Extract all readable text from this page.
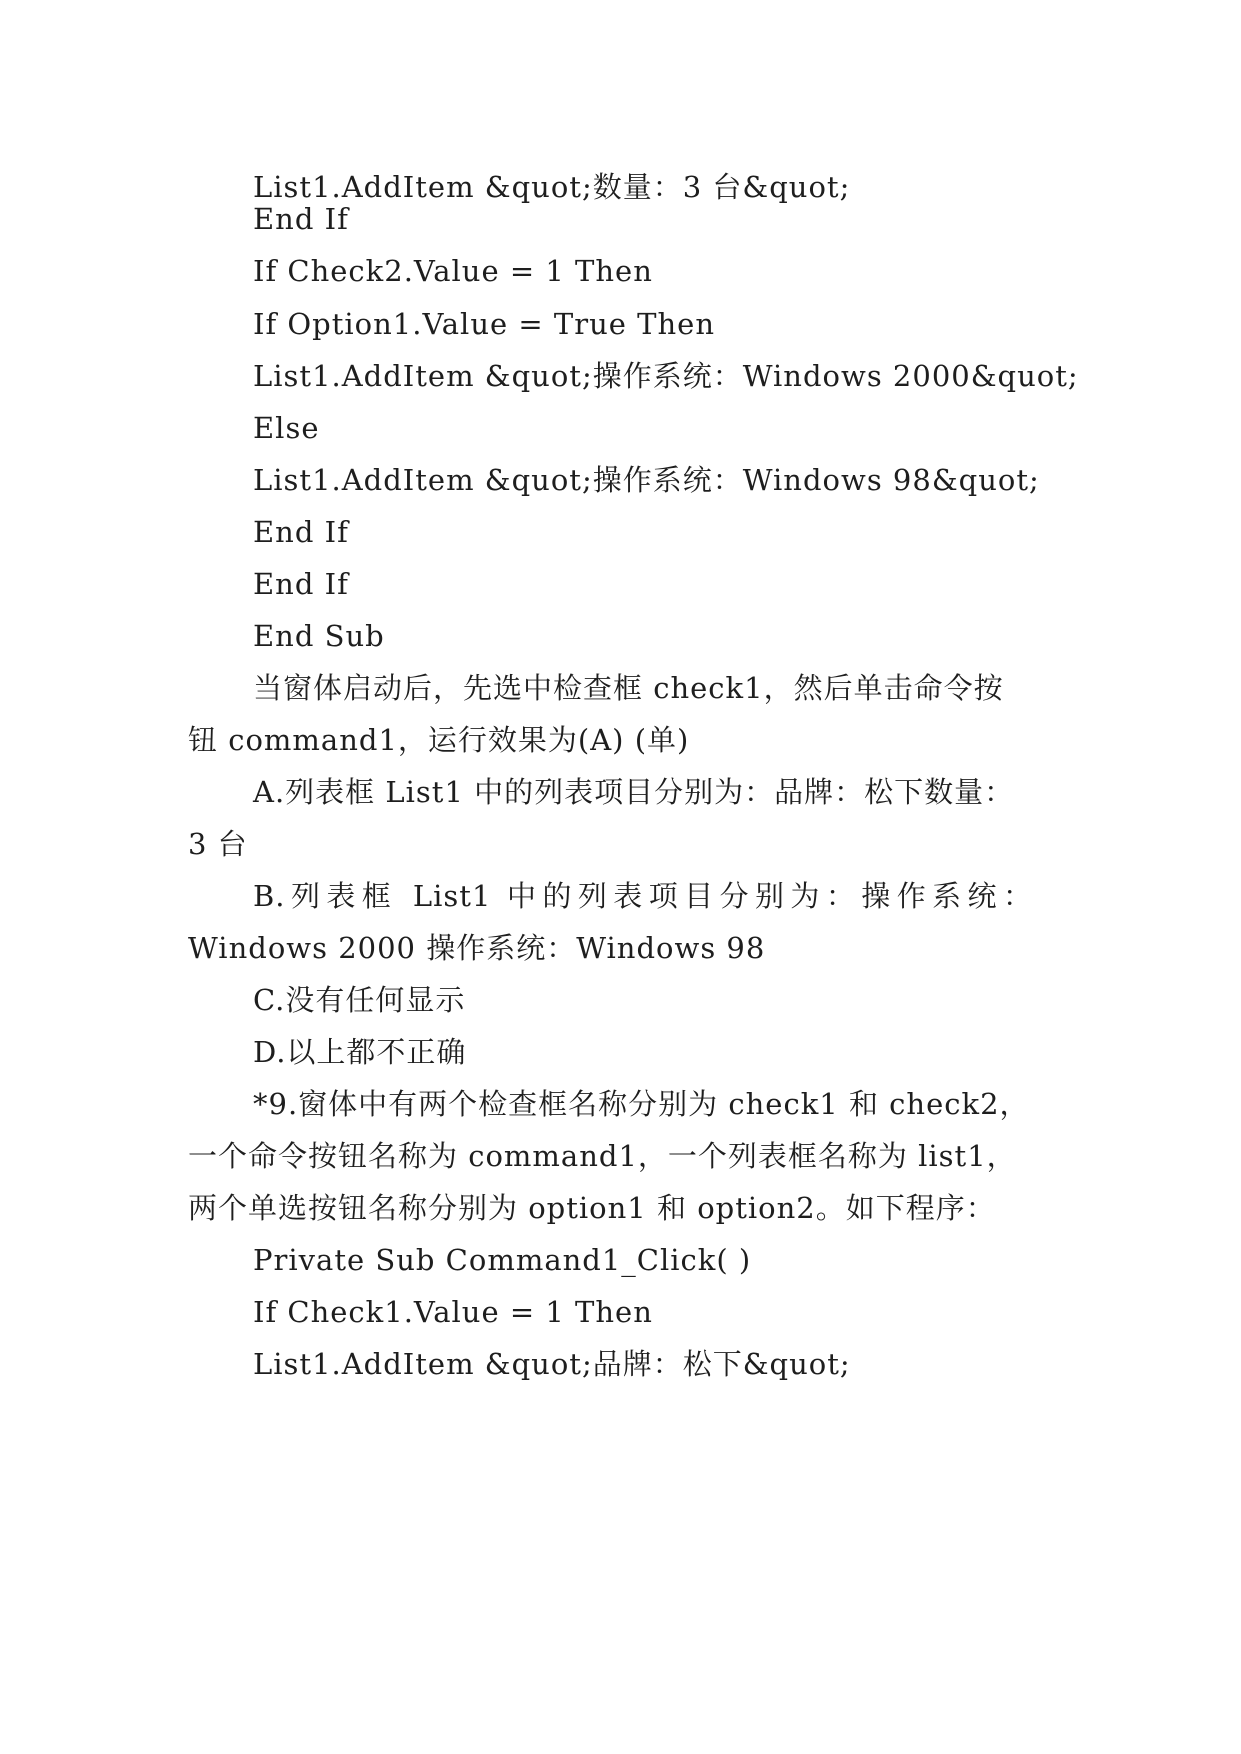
List1.AddItem &quot;数量：3 台&quot;
End If
If Check2.Value = 1 Then
If Option1.Value = True Then
List1.AddItem &quot;操作系统：Windows 2000&quot;
Else
List1.AddItem &quot;操作系统：Windows 98&quot;
End If
End If
End Sub
当窗体启动后，先选中检查框 check1，然后单击命令按
钮 command1，运行效果为(A) (单)
A.列表框 List1 中的列表项目分别为：品牌：松下数量：
3 台
B.列表框 List1 中的列表项目分别为：操作系统：
Windows 2000 操作系统：Windows 98
C.没有任何显示
D.以上都不正确
*9.窗体中有两个检查框名称分别为 check1 和 check2，
一个命令按钮名称为 command1，一个列表框名称为 list1，
两个单选按钮名称分别为 option1 和 option2。如下程序：
Private Sub Command1_Click( )
If Check1.Value = 1 Then
List1.AddItem &quot;品牌：松下&quot;
